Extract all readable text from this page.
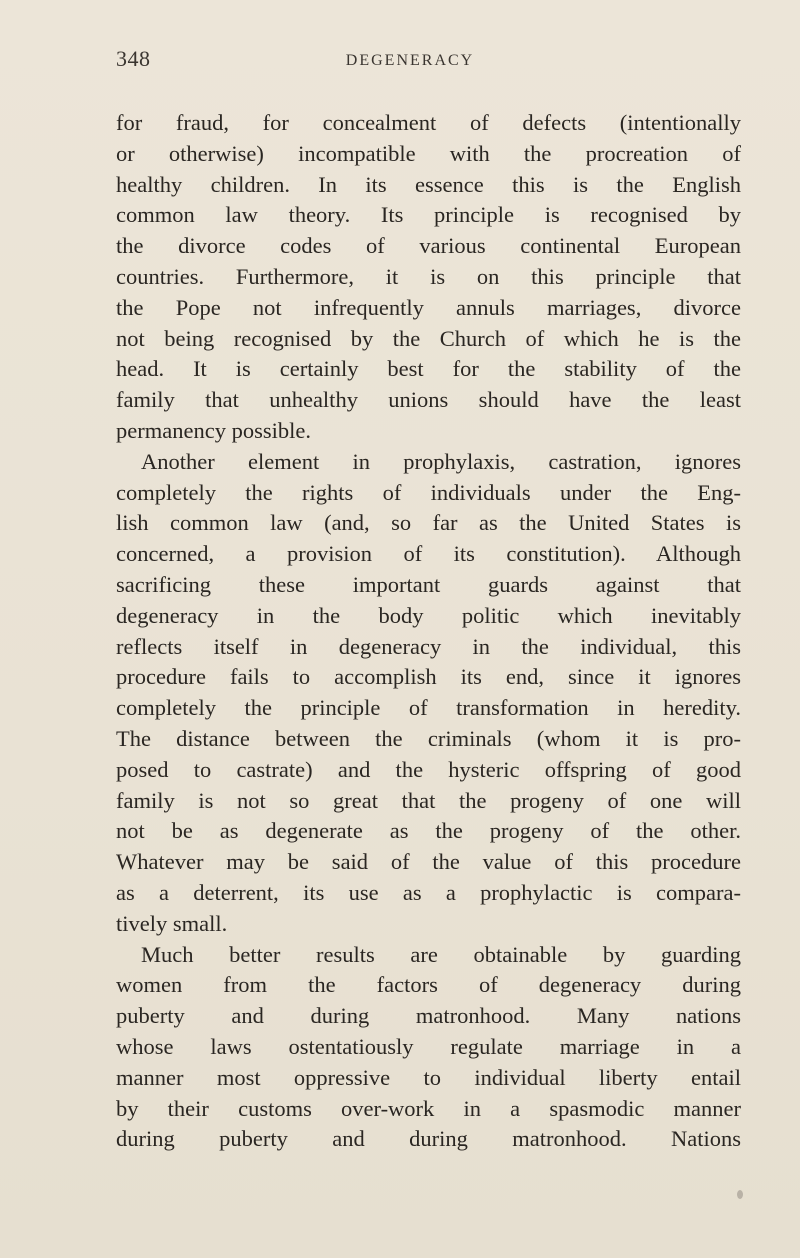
348	DEGENERACY
for fraud, for concealment of defects (intentionally
or otherwise) incompatible with the procreation of
healthy children. In its essence this is the English
common law theory. Its principle is recognised by
the divorce codes of various continental European
countries. Furthermore, it is on this principle that
the Pope not infrequently annuls marriages, divorce
not being recognised by the Church of which he is the
head. It is certainly best for the stability of the
family that unhealthy unions should have the least
permanency possible.
Another element in prophylaxis, castration, ignores
completely the rights of individuals under the Eng-
lish common law (and, so far as the United States is
concerned, a provision of its constitution). Although
sacrificing these important guards against that
degeneracy in the body politic which inevitably
reflects itself in degeneracy in the individual, this
procedure fails to accomplish its end, since it ignores
completely the principle of transformation in heredity.
The distance between the criminals (whom it is pro-
posed to castrate) and the hysteric offspring of good
family is not so great that the progeny of one will
not be as degenerate as the progeny of the other.
Whatever may be said of the value of this procedure
as a deterrent, its use as a prophylactic is compara-
tively small.
Much better results are obtainable by guarding
women from the factors of degeneracy during
puberty and during matronhood. Many nations
whose laws ostentatiously regulate marriage in a
manner most oppressive to individual liberty entail
by their customs over-work in a spasmodic manner
during puberty and during matronhood. Nations
